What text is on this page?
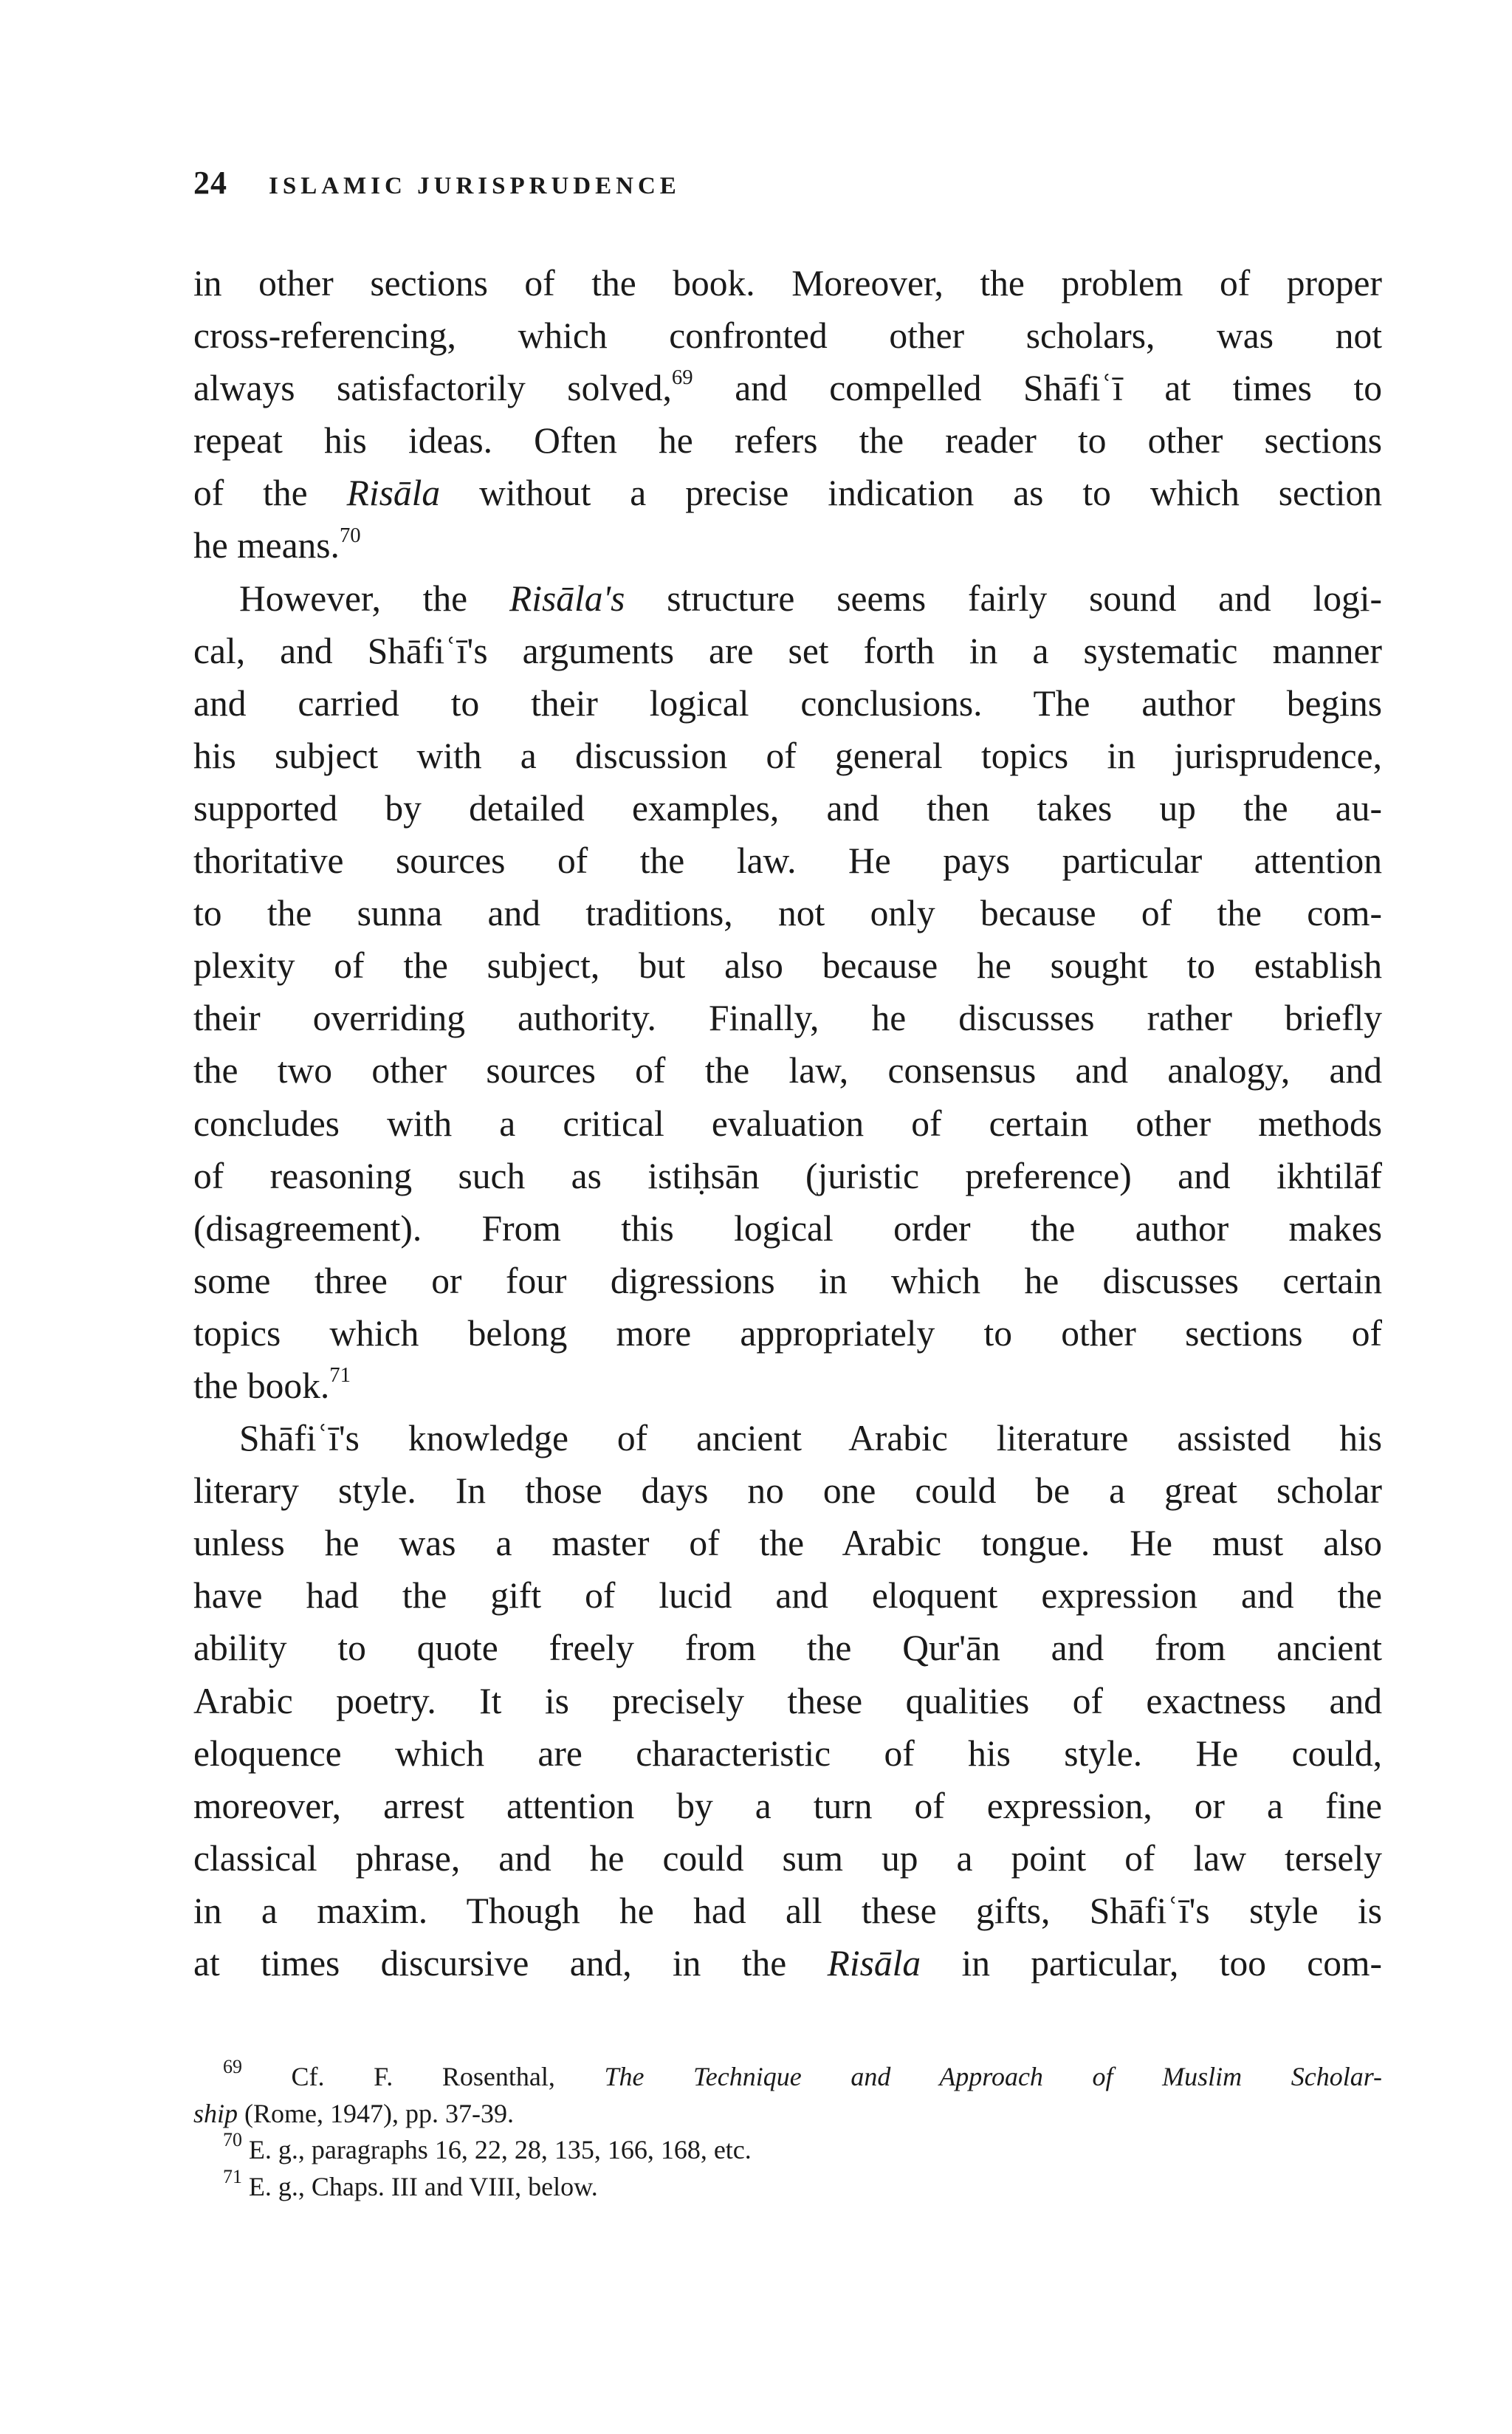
24 ISLAMIC JURISPRUDENCE
in other sections of the book. Moreover, the problem of proper
cross-referencing, which confronted other scholars, was not
always satisfactorily solved,$^{69}$ and compelled Shāfiʿī at times to
repeat his ideas. Often he refers the reader to other sections
of the Risāla without a precise indication as to which section
he means.$^{70}$
However, the Risāla's structure seems fairly sound and logi-
cal, and Shāfiʿī's arguments are set forth in a systematic manner
and carried to their logical conclusions. The author begins
his subject with a discussion of general topics in jurisprudence,
supported by detailed examples, and then takes up the au-
thoritative sources of the law. He pays particular attention
to the sunna and traditions, not only because of the com-
plexity of the subject, but also because he sought to establish
their overriding authority. Finally, he discusses rather briefly
the two other sources of the law, consensus and analogy, and
concludes with a critical evaluation of certain other methods
of reasoning such as istiḥsān (juristic preference) and ikhtilāf
(disagreement). From this logical order the author makes
some three or four digressions in which he discusses certain
topics which belong more appropriately to other sections of
the book.$^{71}$
Shāfiʿī's knowledge of ancient Arabic literature assisted his
literary style. In those days no one could be a great scholar
unless he was a master of the Arabic tongue. He must also
have had the gift of lucid and eloquent expression and the
ability to quote freely from the Qur'ān and from ancient
Arabic poetry. It is precisely these qualities of exactness and
eloquence which are characteristic of his style. He could,
moreover, arrest attention by a turn of expression, or a fine
classical phrase, and he could sum up a point of law tersely
in a maxim. Though he had all these gifts, Shāfiʿī's style is
at times discursive and, in the Risāla in particular, too com-
$^{69}$ Cf. F. Rosenthal, The Technique and Approach of Muslim Scholar-
ship (Rome, 1947), pp. 37-39.
$^{70}$ E. g., paragraphs 16, 22, 28, 135, 166, 168, etc.
$^{71}$ E. g., Chaps. III and VIII, below.
